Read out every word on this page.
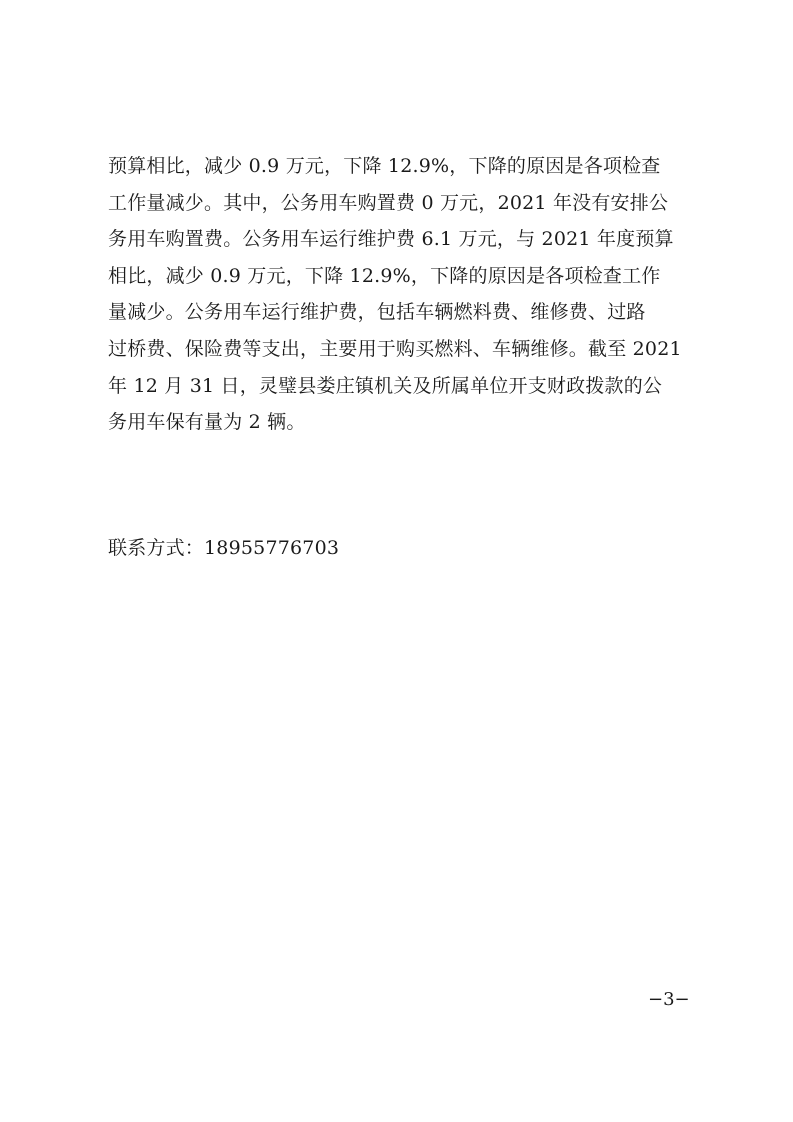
预算相比，减少 0.9 万元，下降 12.9%，下降的原因是各项检查
工作量减少。其中，公务用车购置费 0 万元，2021 年没有安排公
务用车购置费。公务用车运行维护费 6.1 万元，与 2021 年度预算
相比，减少 0.9 万元，下降 12.9%，下降的原因是各项检查工作
量减少。公务用车运行维护费，包括车辆燃料费、维修费、过路
过桥费、保险费等支出，主要用于购买燃料、车辆维修。截至 2021
年 12 月 31 日，灵璧县娄庄镇机关及所属单位开支财政拨款的公
务用车保有量为 2 辆。
联系方式：18955776703
−3−
